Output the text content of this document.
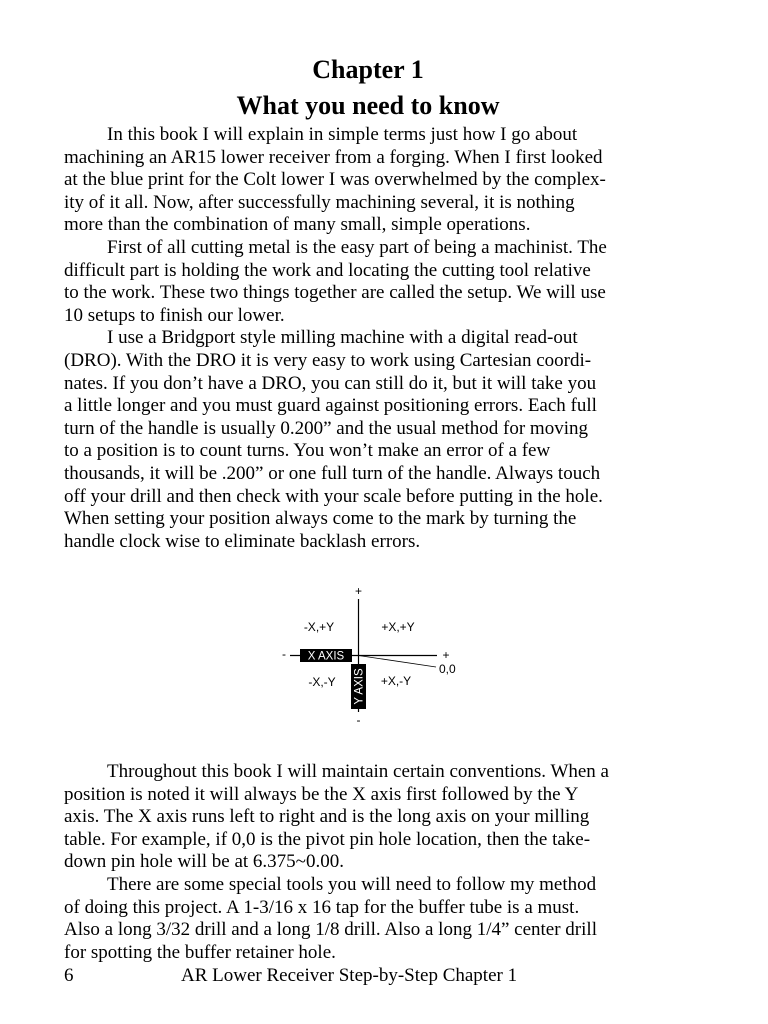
Chapter 1
What you need to know
In this book I will explain in simple terms just how I go about
machining an AR15 lower receiver from a forging. When I first looked
at the blue print for the Colt lower I was overwhelmed by the complex-
ity of it all. Now, after successfully machining several, it is nothing
more than the combination of many small, simple operations.
First of all cutting metal is the easy part of being a machinist. The
difficult part is holding the work and locating the cutting tool relative
to the work. These two things together are called the setup. We will use
10 setups to finish our lower.
I use a Bridgport style milling machine with a digital read-out
(DRO). With the DRO it is very easy to work using Cartesian coordi-
nates. If you don’t have a DRO, you can still do it, but it will take you
a little longer and you must guard against positioning errors. Each full
turn of the handle is usually 0.200” and the usual method for moving
to a position is to count turns. You won’t make an error of a few
thousands, it will be .200” or one full turn of the handle. Always touch
off your drill and then check with your scale before putting in the hole.
When setting your position always come to the mark by turning the
handle clock wise to eliminate backlash errors.
X AXIS
Y AXIS
+
-
-	+
-X,+Y	+X,+Y
-X,-Y	+X,-Y
0,0
Throughout this book I will maintain certain conventions. When a
position is noted it will always be the X axis first followed by the Y
axis. The X axis runs left to right and is the long axis on your milling
table. For example, if 0,0 is the pivot pin hole location, then the take-
down pin hole will be at 6.375~0.00.
There are some special tools you will need to follow my method
of doing this project. A 1-3/16 x 16 tap for the buffer tube is a must.
Also a long 3/32 drill and a long 1/8 drill. Also a long 1/4” center drill
for spotting the buffer retainer hole.
6	AR Lower Receiver Step-by-Step Chapter 1
